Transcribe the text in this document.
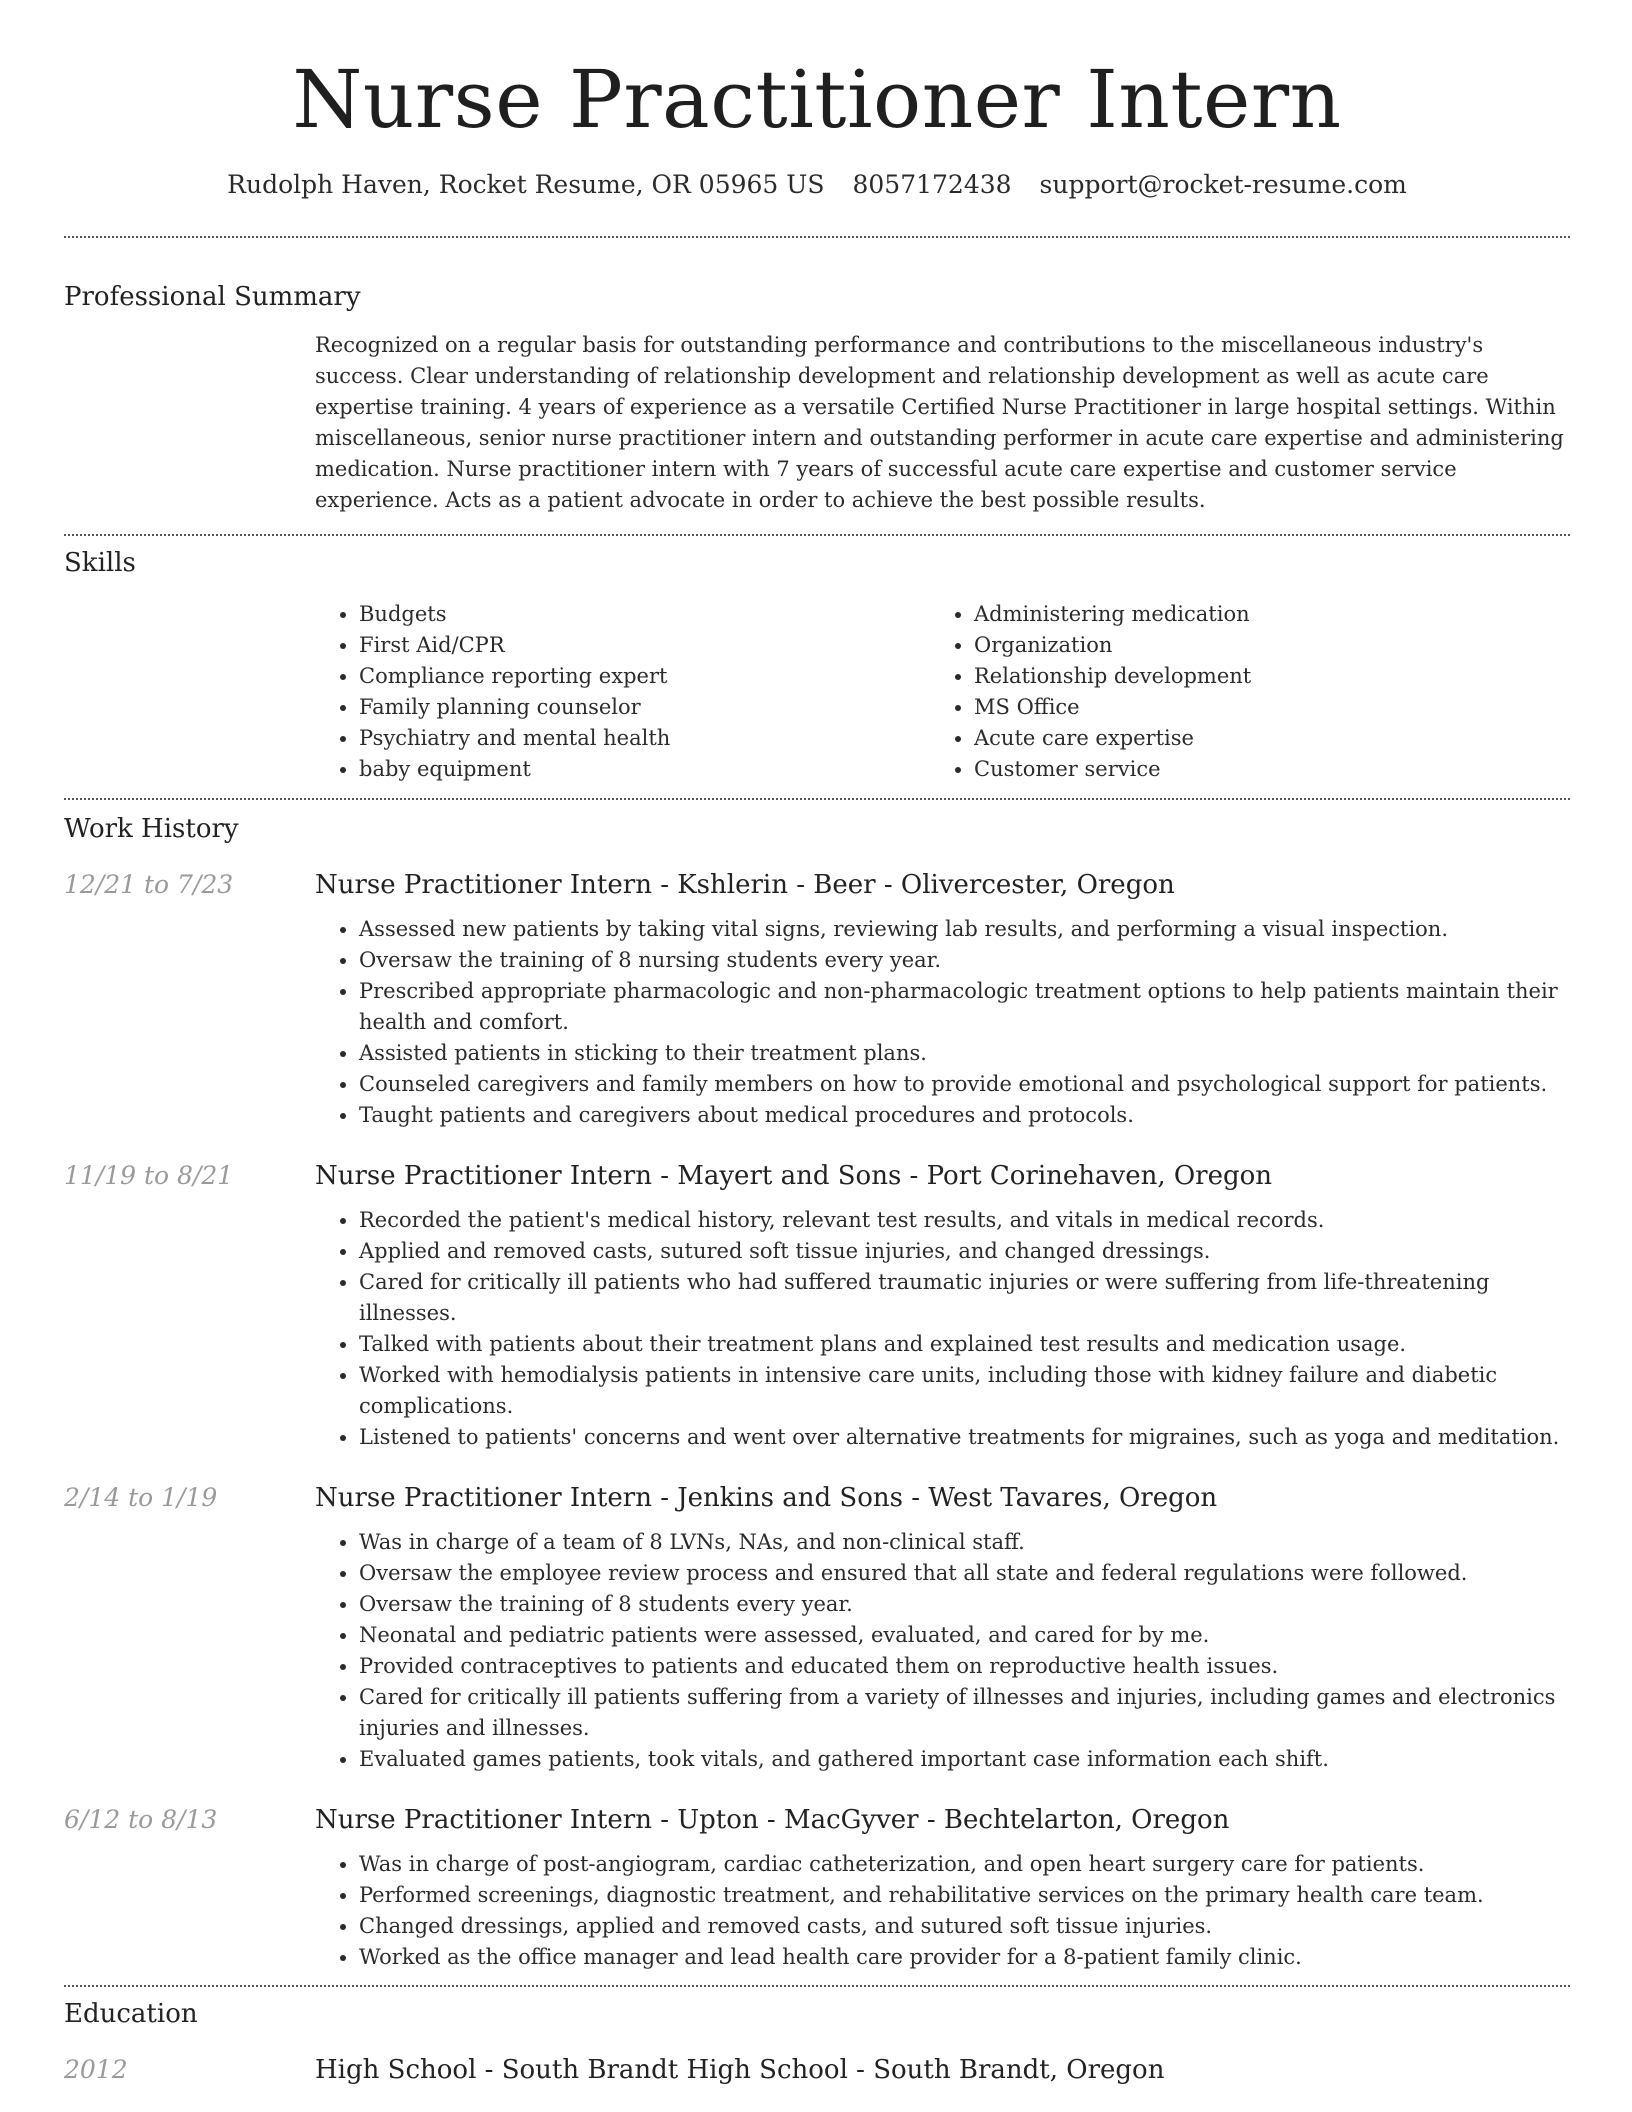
Nurse Practitioner Intern
Rudolph Haven, Rocket Resume, OR 05965 US 8057172438 support@rocket-resume.com
Professional Summary
Recognized on a regular basis for outstanding performance and contributions to the miscellaneous industry's success. Clear understanding of relationship development and relationship development as well as acute care expertise training. 4 years of experience as a versatile Certified Nurse Practitioner in large hospital settings. Within miscellaneous, senior nurse practitioner intern and outstanding performer in acute care expertise and administering medication. Nurse practitioner intern with 7 years of successful acute care expertise and customer service experience. Acts as a patient advocate in order to achieve the best possible results.
Skills
• Budgets
• First Aid/CPR
• Compliance reporting expert
• Family planning counselor
• Psychiatry and mental health
• baby equipment
• Administering medication
• Organization
• Relationship development
• MS Office
• Acute care expertise
• Customer service
Work History
12/21 to 7/23	Nurse Practitioner Intern - Kshlerin - Beer - Olivercester, Oregon
• Assessed new patients by taking vital signs, reviewing lab results, and performing a visual inspection.
• Oversaw the training of 8 nursing students every year.
• Prescribed appropriate pharmacologic and non-pharmacologic treatment options to help patients maintain their health and comfort.
• Assisted patients in sticking to their treatment plans.
• Counseled caregivers and family members on how to provide emotional and psychological support for patients.
• Taught patients and caregivers about medical procedures and protocols.
11/19 to 8/21	Nurse Practitioner Intern - Mayert and Sons - Port Corinehaven, Oregon
• Recorded the patient's medical history, relevant test results, and vitals in medical records.
• Applied and removed casts, sutured soft tissue injuries, and changed dressings.
• Cared for critically ill patients who had suffered traumatic injuries or were suffering from life-threatening illnesses.
• Talked with patients about their treatment plans and explained test results and medication usage.
• Worked with hemodialysis patients in intensive care units, including those with kidney failure and diabetic complications.
• Listened to patients' concerns and went over alternative treatments for migraines, such as yoga and meditation.
2/14 to 1/19	Nurse Practitioner Intern - Jenkins and Sons - West Tavares, Oregon
• Was in charge of a team of 8 LVNs, NAs, and non-clinical staff.
• Oversaw the employee review process and ensured that all state and federal regulations were followed.
• Oversaw the training of 8 students every year.
• Neonatal and pediatric patients were assessed, evaluated, and cared for by me.
• Provided contraceptives to patients and educated them on reproductive health issues.
• Cared for critically ill patients suffering from a variety of illnesses and injuries, including games and electronics injuries and illnesses.
• Evaluated games patients, took vitals, and gathered important case information each shift.
6/12 to 8/13	Nurse Practitioner Intern - Upton - MacGyver - Bechtelarton, Oregon
• Was in charge of post-angiogram, cardiac catheterization, and open heart surgery care for patients.
• Performed screenings, diagnostic treatment, and rehabilitative services on the primary health care team.
• Changed dressings, applied and removed casts, and sutured soft tissue injuries.
• Worked as the office manager and lead health care provider for a 8-patient family clinic.
Education
2012	High School - South Brandt High School - South Brandt, Oregon
